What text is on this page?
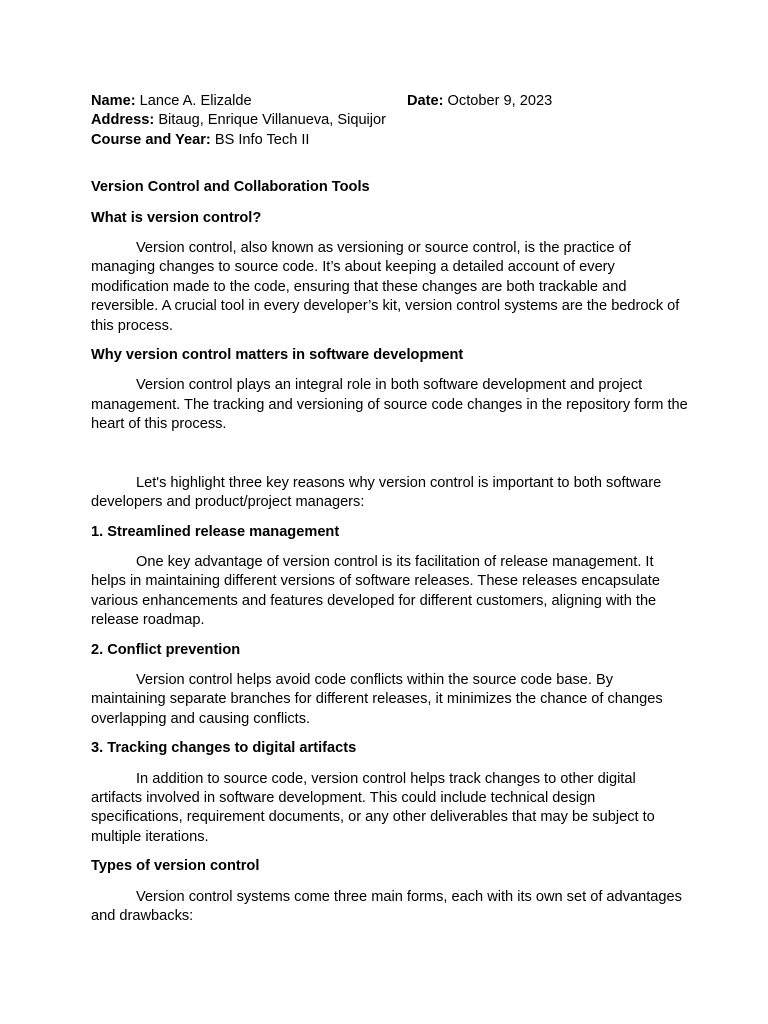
Name: Lance A. Elizalde	Date: October 9, 2023

Address: Bitaug, Enrique Villanueva, Siquijor

Course and Year: BS Info Tech II

Version Control and Collaboration Tools

What is version control?

Version control, also known as versioning or source control, is the practice of managing changes to source code. It’s about keeping a detailed account of every modification made to the code, ensuring that these changes are both trackable and reversible. A crucial tool in every developer’s kit, version control systems are the bedrock of this process.

Why version control matters in software development

Version control plays an integral role in both software development and project management. The tracking and versioning of source code changes in the repository form the heart of this process.

Let's highlight three key reasons why version control is important to both software developers and product/project managers:

1. Streamlined release management

One key advantage of version control is its facilitation of release management. It helps in maintaining different versions of software releases. These releases encapsulate various enhancements and features developed for different customers, aligning with the release roadmap.

2. Conflict prevention

Version control helps avoid code conflicts within the source code base. By maintaining separate branches for different releases, it minimizes the chance of changes overlapping and causing conflicts.

3. Tracking changes to digital artifacts

In addition to source code, version control helps track changes to other digital artifacts involved in software development. This could include technical design specifications, requirement documents, or any other deliverables that may be subject to multiple iterations.

Types of version control

Version control systems come three main forms, each with its own set of advantages and drawbacks:
